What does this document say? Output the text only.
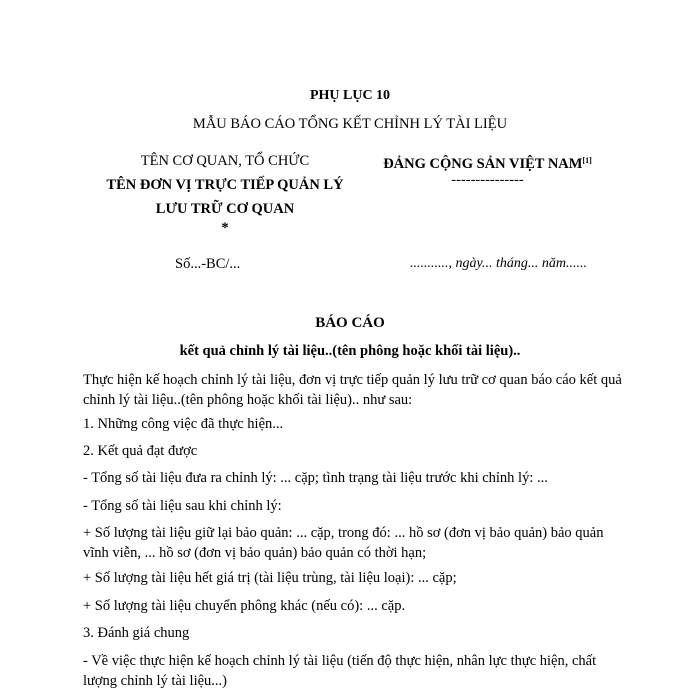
PHỤ LỤC 10
MẪU BÁO CÁO TỔNG KẾT CHỈNH LÝ TÀI LIỆU
TÊN CƠ QUAN, TỔ CHỨC
TÊN ĐƠN VỊ TRỰC TIẾP QUẢN LÝ
LƯU TRỮ CƠ QUAN
*
ĐẢNG CỘNG SẢN VIỆT NAM[1]
---------------
Số...-BC/...	..........., ngày... tháng... năm......
BÁO CÁO
kết quả chỉnh lý tài liệu..(tên phông hoặc khối tài liệu)..
Thực hiện kế hoạch chỉnh lý tài liệu, đơn vị trực tiếp quản lý lưu trữ cơ quan báo cáo kết quả chỉnh lý tài liệu..(tên phông hoặc khối tài liệu).. như sau:
1. Những công việc đã thực hiện...
2. Kết quả đạt được
- Tổng số tài liệu đưa ra chỉnh lý: ... cặp; tình trạng tài liệu trước khi chỉnh lý: ...
- Tổng số tài liệu sau khi chỉnh lý:
+ Số lượng tài liệu giữ lại bảo quản: ... cặp, trong đó: ... hồ sơ (đơn vị bảo quản) bảo quản vĩnh viễn, ... hồ sơ (đơn vị bảo quản) bảo quản có thời hạn;
+ Số lượng tài liệu hết giá trị (tài liệu trùng, tài liệu loại): ... cặp;
+ Số lượng tài liệu chuyển phông khác (nếu có): ... cặp.
3. Đánh giá chung
- Về việc thực hiện kế hoạch chỉnh lý tài liệu (tiến độ thực hiện, nhân lực thực hiện, chất lượng chỉnh lý tài liệu...)
